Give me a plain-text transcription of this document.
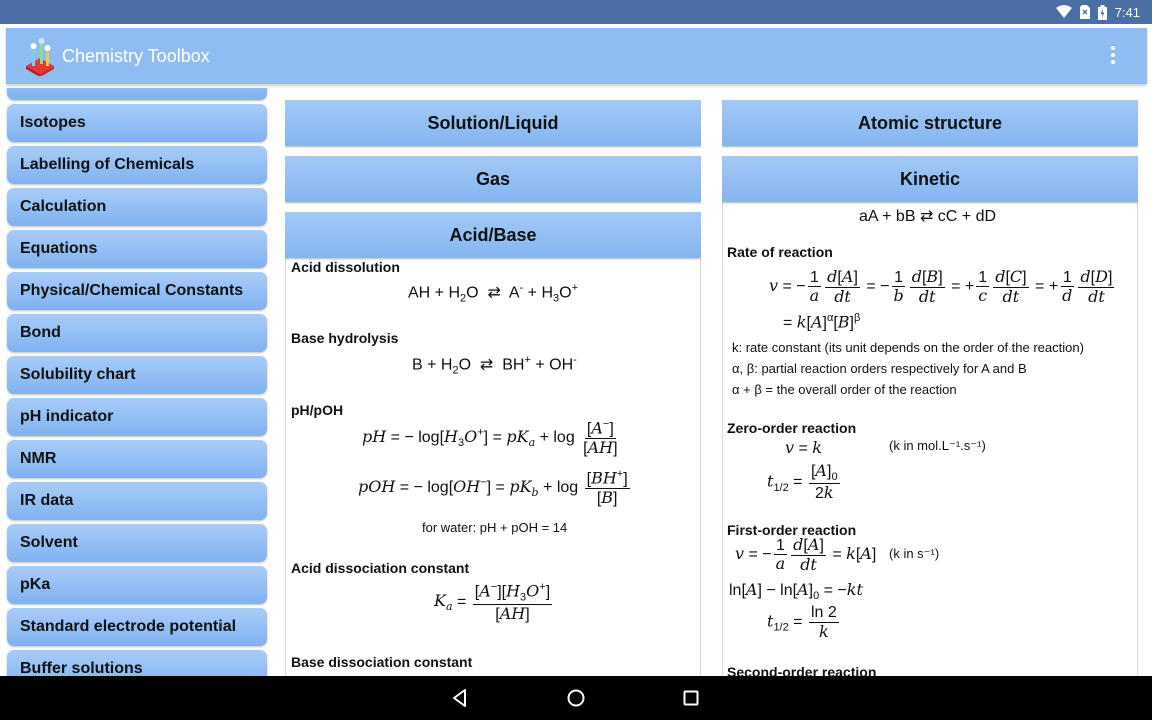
7:41
Chemistry Toolbox
Isotopes
Labelling of Chemicals
Calculation
Equations
Physical/Chemical Constants
Bond
Solubility chart
pH indicator
NMR
IR data
Solvent
pKa
Standard electrode potential
Buffer solutions
Solution/Liquid
Gas
Acid dissolution
AH + $H_2O$  ⇄  $A^- + H_3O^+$
Base hydrolysis
$B + H_2O$  ⇄  BH+ + OH-
pH/pOH
pH = − $\log[H_3O^+] = pK_a + \log \frac{[A^-]}{[AH]}$
pOH = − $\log[OH^-] = pK_b + \log \frac{[BH^+]}{[B]}$
for water: pH + pOH = 14
Acid dissociation constant
$K_a = \frac{[A^-][H_3O^+]}{[AH]}$
Base dissociation constant
Acid/Base
Atomic structure
aA + bB ⇄ cC + dD
Rate of reaction
v = − $\frac{1}{a} \frac{d[A]}{dt}$ = − $\frac{1}{b} \frac{d[B]}{dt}$ = + $\frac{1}{c} \frac{d[C]}{dt}$ = + $\frac{1}{d} \frac{d[D]}{dt}$
= $k[A]^\alpha[B]^\beta$
k: rate constant (its unit depends on the order of the reaction)
α, β: partial reaction orders respectively for A and B
α + β = the overall order of the reaction
Zero-order reaction
v = k	(k in mol.L⁻¹.s⁻¹)
$t_{1/2} = \frac{[A]_0}{2k}$
First-order reaction
v = − $\frac{1}{a} \frac{d[A]}{dt} = k[A]$ (k in s⁻¹)
$\ln[A] - \ln[A]_0 = -kt$
$t_{1/2} = \frac{\ln 2}{k}$
Second-order reaction
Kinetic
